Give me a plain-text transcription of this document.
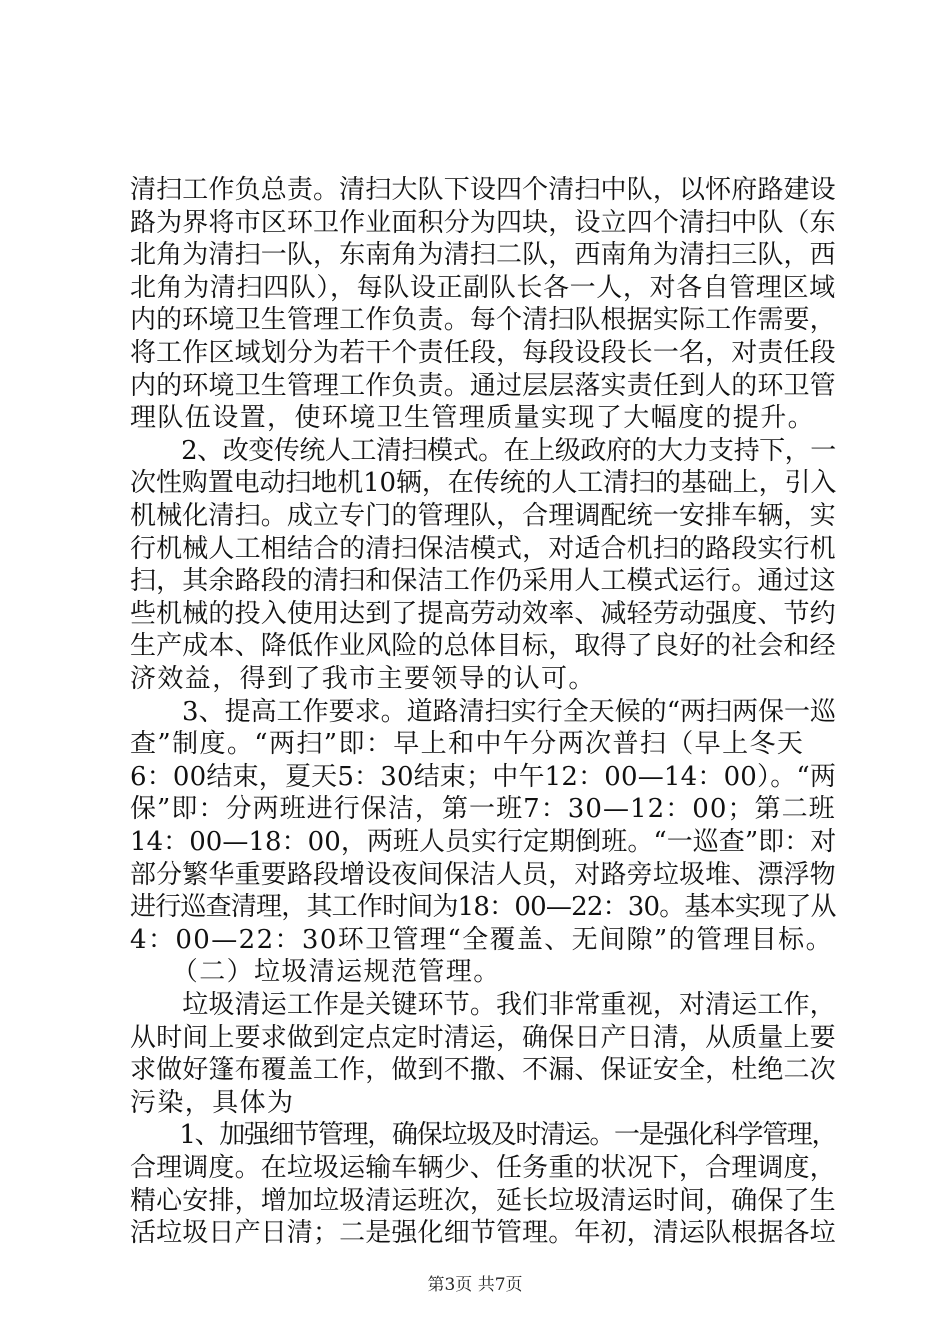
清扫工作负总责。清扫大队下设四个清扫中队，以怀府路建设
路为界将市区环卫作业面积分为四块，设立四个清扫中队（东
北角为清扫一队，东南角为清扫二队，西南角为清扫三队，西
北角为清扫四队），每队设正副队长各一人，对各自管理区域
内的环境卫生管理工作负责。每个清扫队根据实际工作需要，
将工作区域划分为若干个责任段，每段设段长一名，对责任段
内的环境卫生管理工作负责。通过层层落实责任到人的环卫管
理队伍设置，使环境卫生管理质量实现了大幅度的提升。
　　2、改变传统人工清扫模式。在上级政府的大力支持下，一
次性购置电动扫地机10辆，在传统的人工清扫的基础上，引入
机械化清扫。成立专门的管理队，合理调配统一安排车辆，实
行机械人工相结合的清扫保洁模式，对适合机扫的路段实行机
扫，其余路段的清扫和保洁工作仍采用人工模式运行。通过这
些机械的投入使用达到了提高劳动效率、减轻劳动强度、节约
生产成本、降低作业风险的总体目标，取得了良好的社会和经
济效益，得到了我市主要领导的认可。
　　3、提高工作要求。道路清扫实行全天候的“两扫两保一巡
查”制度。“两扫”即：早上和中午分两次普扫（早上冬天
6：00结束，夏天5：30结束；中午12：00—14：00）。“两
保”即：分两班进行保洁，第一班7：30—12：00；第二班
14：00—18：00，两班人员实行定期倒班。“一巡查”即：对
部分繁华重要路段增设夜间保洁人员，对路旁垃圾堆、漂浮物
进行巡查清理，其工作时间为18：00—22：30。基本实现了从
4：00—22：30环卫管理“全覆盖、无间隙”的管理目标。
　　（二）垃圾清运规范管理。
　　垃圾清运工作是关键环节。我们非常重视，对清运工作，
从时间上要求做到定点定时清运，确保日产日清，从质量上要
求做好篷布覆盖工作，做到不撒、不漏、保证安全，杜绝二次
污染，具体为
　　1、加强细节管理，确保垃圾及时清运。一是强化科学管理，
合理调度。在垃圾运输车辆少、任务重的状况下，合理调度，
精心安排，增加垃圾清运班次，延长垃圾清运时间，确保了生
活垃圾日产日清；二是强化细节管理。年初，清运队根据各垃
第3页 共7页
